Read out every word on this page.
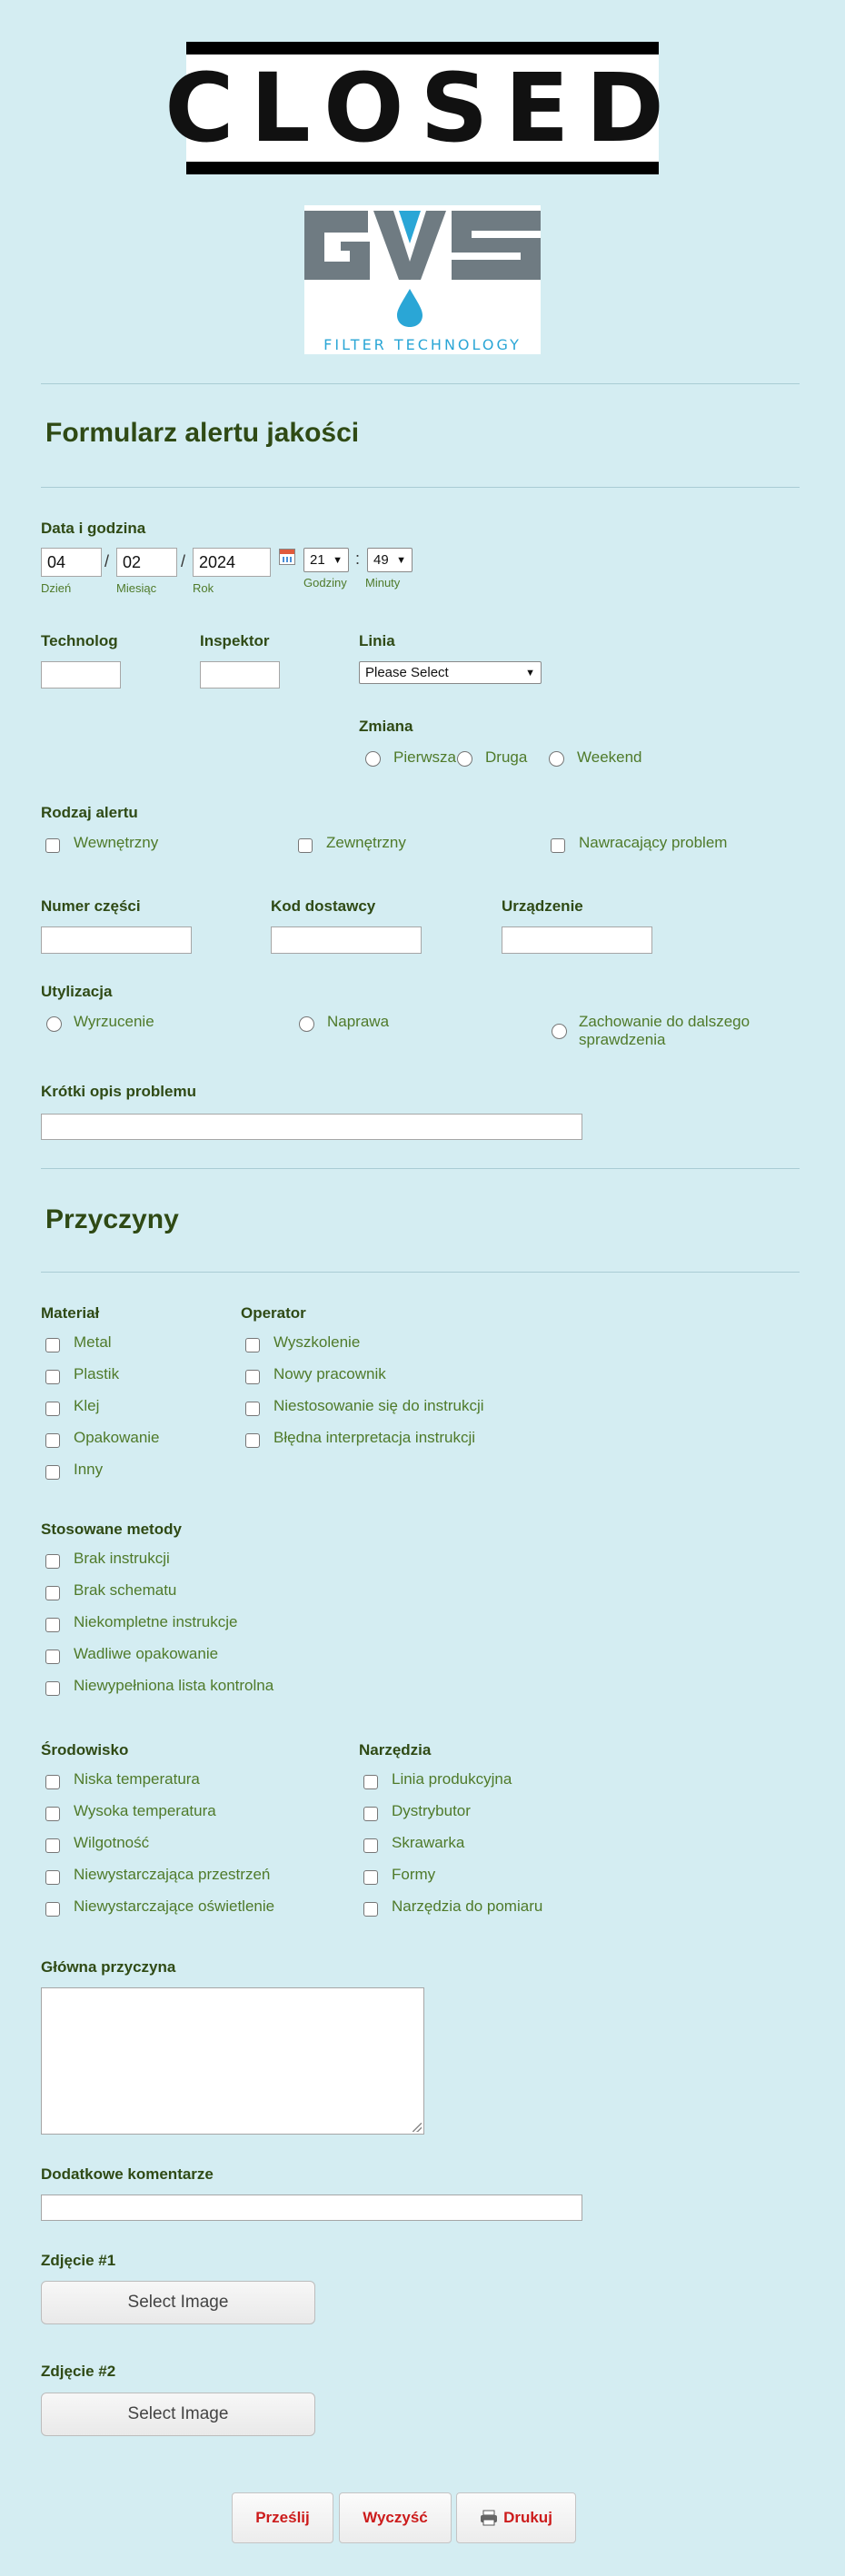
CLOSED
FILTER TECHNOLOGY
Formularz alertu jakości
Data i godzina
04
/
02	/
2024	21 ▼ : 49 ▼
Dzień	Miesiąc	Rok	Godziny Minuty
Technolog	Inspektor	Linia
Please Select	▼
Zmiana
Pierwsza Druga	Weekend
Rodzaj alertu
Wewnętrzny	Zewnętrzny	Nawracający problem
Numer części	Kod dostawcy	Urządzenie
Utylizacja
Wyrzucenie	Naprawa	Zachowanie do dalszego sprawdzenia
Krótki opis problemu
Przyczyny
Materiał
Metal
Plastik
Klej
Opakowanie
Inny
Operator
Wyszkolenie
Nowy pracownik
Niestosowanie się do instrukcji
Błędna interpretacja instrukcji
Stosowane metody
Brak instrukcji
Brak schematu
Niekompletne instrukcje
Wadliwe opakowanie
Niewypełniona lista kontrolna
Środowisko
Niska temperatura
Wysoka temperatura
Wilgotność
Niewystarczająca przestrzeń
Niewystarczające oświetlenie
Narzędzia
Linia produkcyjna
Dystrybutor
Skrawarka
Formy
Narzędzia do pomiaru
Główna przyczyna
Dodatkowe komentarze
Zdjęcie #1
Select Image
Zdjęcie #2
Select Image
Prześlij	Wyczyść	Drukuj
